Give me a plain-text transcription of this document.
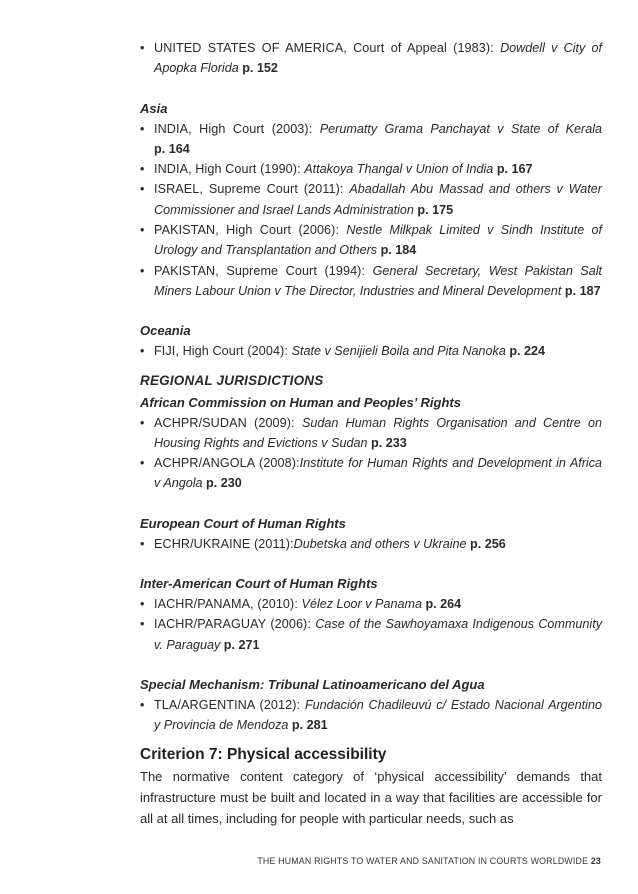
• UNITED STATES OF AMERICA, Court of Appeal (1983): Dowdell v City of Apopka Florida p. 152
Asia
• INDIA, High Court (2003): Perumatty Grama Panchayat v State of Kerala p. 164
• INDIA, High Court (1990): Attakoya Thangal v Union of India p. 167
• ISRAEL, Supreme Court (2011): Abadallah Abu Massad and others v Water Commissioner and Israel Lands Administration p. 175
• PAKISTAN, High Court (2006): Nestle Milkpak Limited v Sindh Institute of Urology and Transplantation and Others p. 184
• PAKISTAN, Supreme Court (1994): General Secretary, West Pakistan Salt Miners Labour Union v The Director, Industries and Mineral Development p. 187
Oceania
• FIJI, High Court (2004): State v Senijieli Boila and Pita Nanoka p. 224
REGIONAL JURISDICTIONS
African Commission on Human and Peoples’ Rights
• ACHPR/SUDAN (2009): Sudan Human Rights Organisation and Centre on Housing Rights and Evictions v Sudan p. 233
• ACHPR/ANGOLA (2008):Institute for Human Rights and Development in Africa v Angola p. 230
European Court of Human Rights
• ECHR/UKRAINE (2011):Dubetska and others v Ukraine p. 256
Inter-American Court of Human Rights
• IACHR/PANAMA, (2010): Vélez Loor v Panama p. 264
• IACHR/PARAGUAY (2006): Case of the Sawhoyamaxa Indigenous Community v. Paraguay p. 271
Special Mechanism: Tribunal Latinoamericano del Agua
• TLA/ARGENTINA (2012): Fundación Chadileuvú c/ Estado Nacional Argentino y Provincia de Mendoza p. 281
Criterion 7: Physical accessibility
The normative content category of ‘physical accessibility’ demands that infrastructure must be built and located in a way that facilities are accessible for all at all times, including for people with particular needs, such as
THE HUMAN RIGHTS TO WATER AND SANITATION IN COURTS WORLDWIDE 23
